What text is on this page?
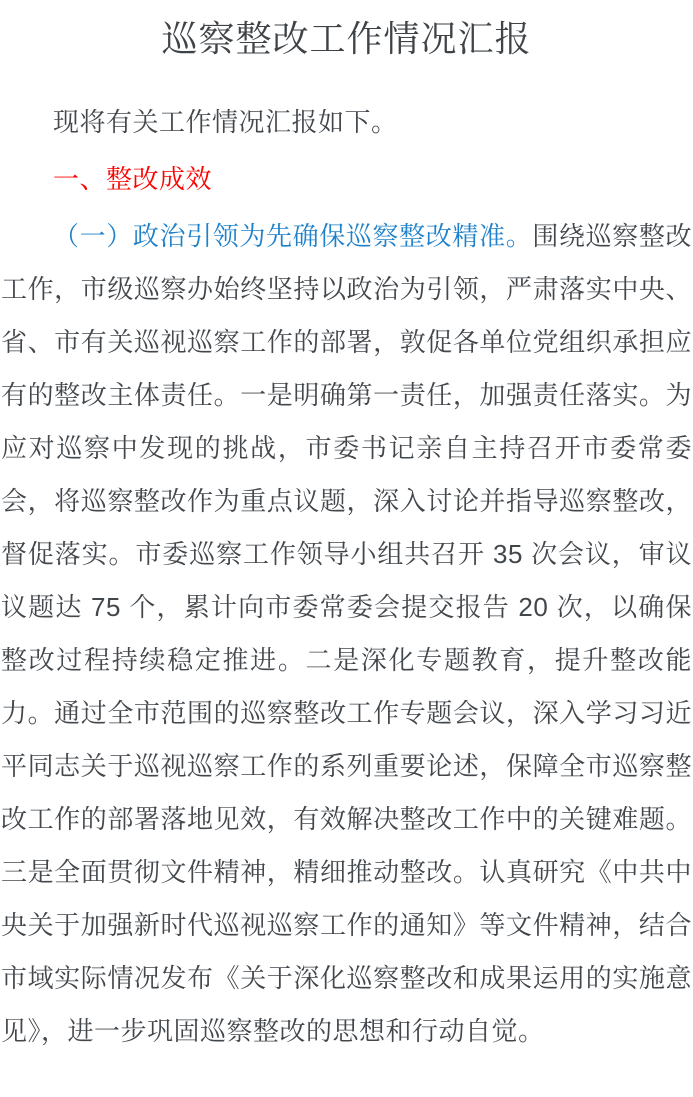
巡察整改工作情况汇报

现将有关工作情况汇报如下。

一、整改成效

（一）政治引领为先确保巡察整改精准。围绕巡察整改工作，市级巡察办始终坚持以政治为引领，严肃落实中央、省、市有关巡视巡察工作的部署，敦促各单位党组织承担应有的整改主体责任。一是明确第一责任，加强责任落实。为应对巡察中发现的挑战，市委书记亲自主持召开市委常委会，将巡察整改作为重点议题，深入讨论并指导巡察整改，督促落实。市委巡察工作领导小组共召开 35 次会议，审议议题达 75 个，累计向市委常委会提交报告 20 次，以确保整改过程持续稳定推进。二是深化专题教育，提升整改能力。通过全市范围的巡察整改工作专题会议，深入学习习近平同志关于巡视巡察工作的系列重要论述，保障全市巡察整改工作的部署落地见效，有效解决整改工作中的关键难题。三是全面贯彻文件精神，精细推动整改。认真研究《中共中央关于加强新时代巡视巡察工作的通知》等文件精神，结合市域实际情况发布《关于深化巡察整改和成果运用的实施意见》，进一步巩固巡察整改的思想和行动自觉。
